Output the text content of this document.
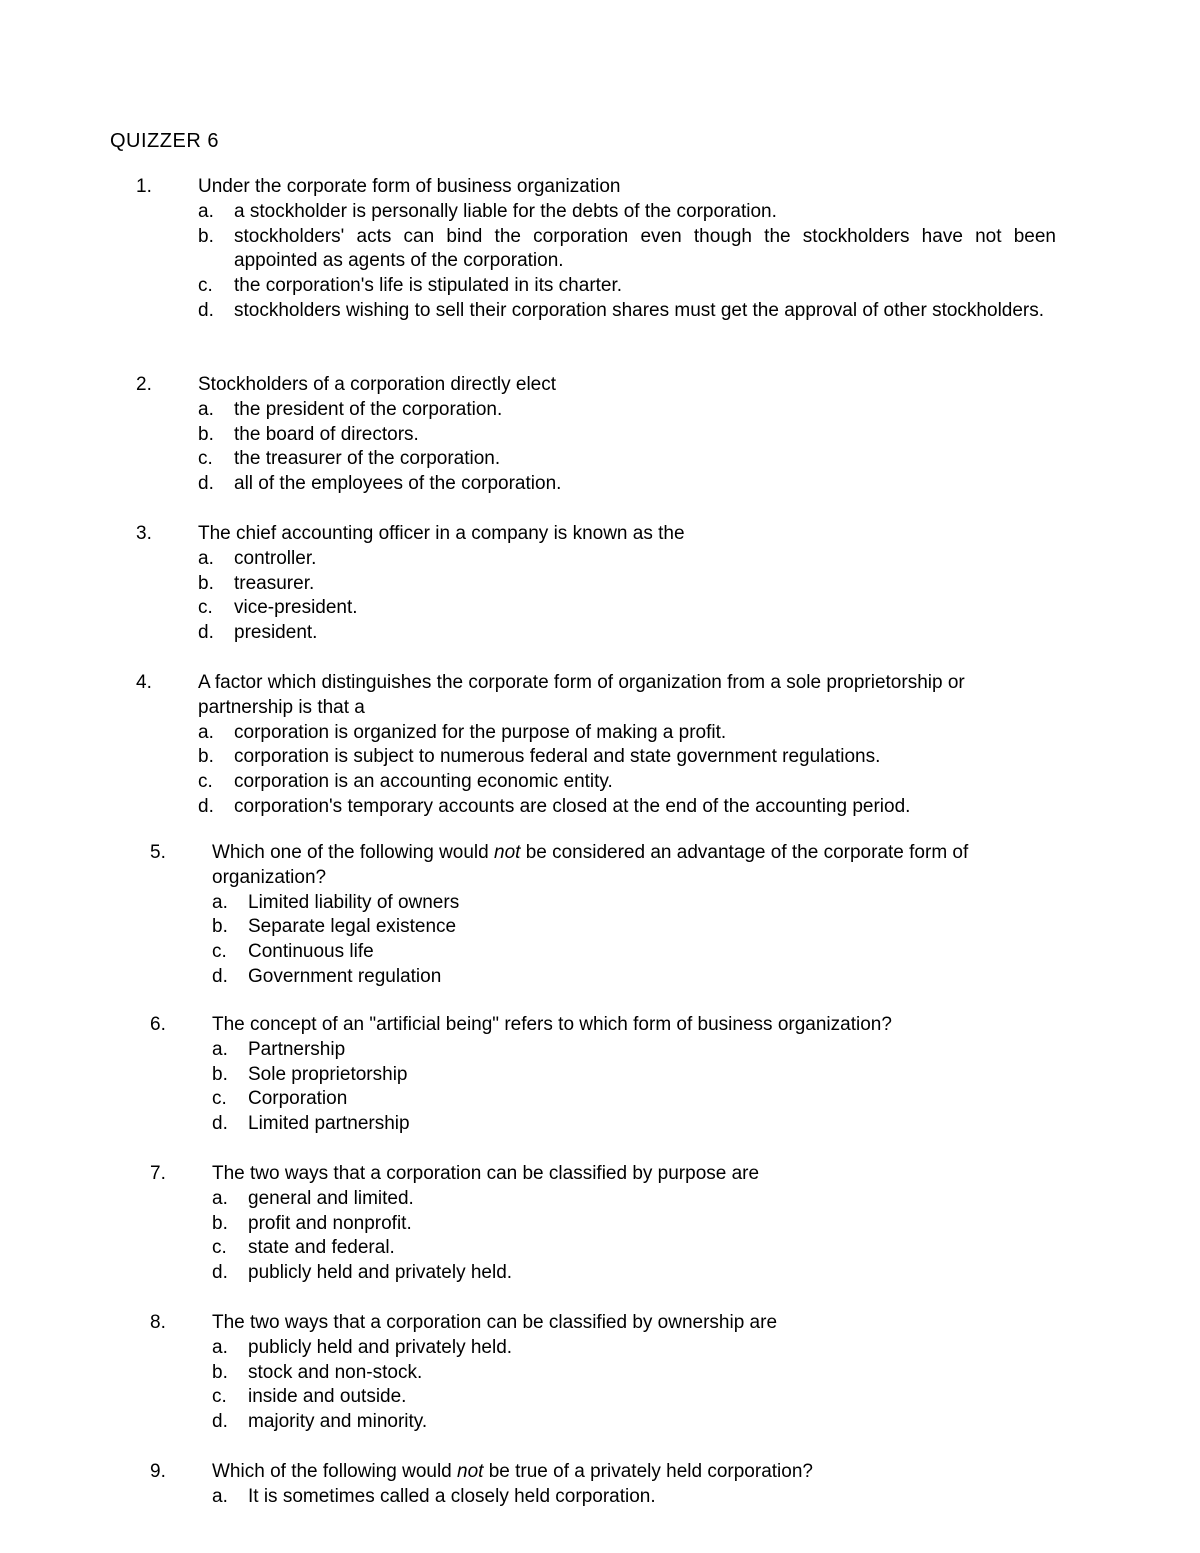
QUIZZER 6
1. Under the corporate form of business organization

a. a stockholder is personally liable for the debts of the corporation.
b. stockholders' acts can bind the corporation even though the stockholders have not been appointed as agents of the corporation.
c. the corporation's life is stipulated in its charter.
d. stockholders wishing to sell their corporation shares must get the approval of other stockholders.
2. Stockholders of a corporation directly elect

a. the president of the corporation.
b. the board of directors.
c. the treasurer of the corporation.
d. all of the employees of the corporation.
3. The chief accounting officer in a company is known as the

a. controller.
b. treasurer.
c. vice-president.
d. president.
4. A factor which distinguishes the corporate form of organization from a sole proprietorship or partnership is that a

a. corporation is organized for the purpose of making a profit.
b. corporation is subject to numerous federal and state government regulations.
c. corporation is an accounting economic entity.
d. corporation's temporary accounts are closed at the end of the accounting period.
5. Which one of the following would not be considered an advantage of the corporate form of organization?

a. Limited liability of owners
b. Separate legal existence
c. Continuous life
d. Government regulation
6. The concept of an "artificial being" refers to which form of business organization?

a. Partnership
b. Sole proprietorship
c. Corporation
d. Limited partnership
7. The two ways that a corporation can be classified by purpose are

a. general and limited.
b. profit and nonprofit.
c. state and federal.
d. publicly held and privately held.
8. The two ways that a corporation can be classified by ownership are

a. publicly held and privately held.
b. stock and non-stock.
c. inside and outside.
d. majority and minority.
9. Which of the following would not be true of a privately held corporation?

a. It is sometimes called a closely held corporation.
